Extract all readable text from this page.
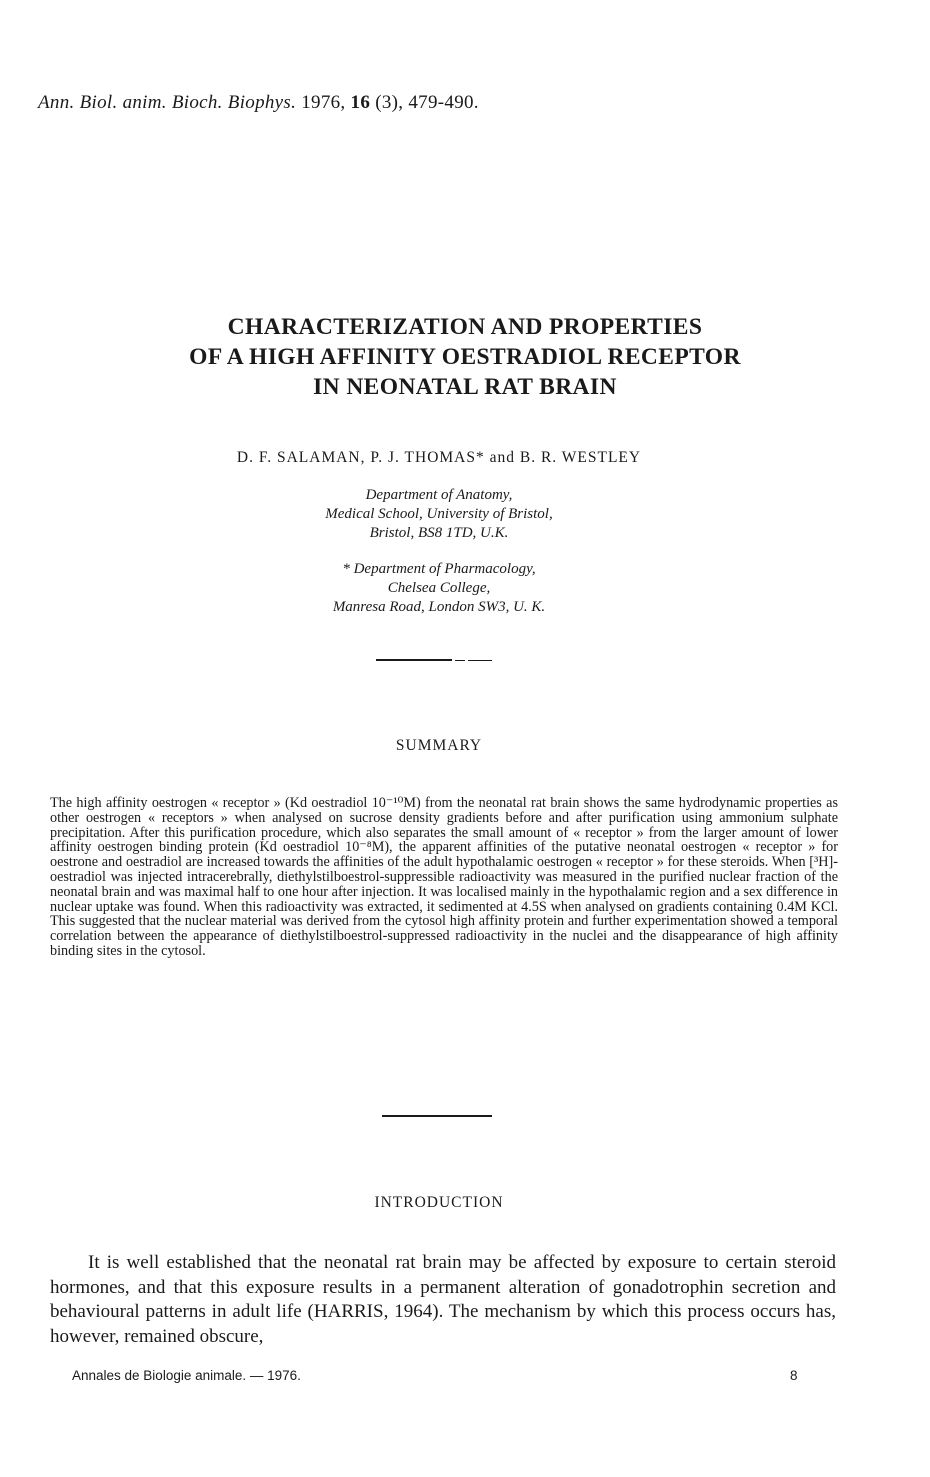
Ann. Biol. anim. Bioch. Biophys. 1976, 16 (3), 479-490.
CHARACTERIZATION AND PROPERTIES
OF A HIGH AFFINITY OESTRADIOL RECEPTOR
IN NEONATAL RAT BRAIN
D. F. SALAMAN, P. J. THOMAS* and B. R. WESTLEY
Department of Anatomy,
Medical School, University of Bristol,
Bristol, BS8 1TD, U.K.
* Department of Pharmacology,
Chelsea College,
Manresa Road, London SW3, U. K.
SUMMARY
The high affinity oestrogen « receptor » (Kd oestradiol 10⁻¹⁰M) from the neonatal rat brain shows the same hydrodynamic properties as other oestrogen « receptors » when analysed on sucrose density gradients before and after purification using ammonium sulphate precipitation. After this purification procedure, which also separates the small amount of « receptor » from the larger amount of lower affinity oestrogen binding protein (Kd oestradiol 10⁻⁸M), the apparent affinities of the putative neonatal oestrogen « receptor » for oestrone and oestradiol are increased towards the affinities of the adult hypothalamic oestrogen « receptor » for these steroids. When [³H]-oestradiol was injected intracerebrally, diethylstilboestrol-suppressible radioactivity was measured in the purified nuclear fraction of the neonatal brain and was maximal half to one hour after injection. It was localised mainly in the hypothalamic region and a sex difference in nuclear uptake was found. When this radioactivity was extracted, it sedimented at 4.5S when analysed on gradients containing 0.4M KCl. This suggested that the nuclear material was derived from the cytosol high affinity protein and further experimentation showed a temporal correlation between the appearance of diethylstilboestrol-suppressed radioactivity in the nuclei and the disappearance of high affinity binding sites in the cytosol.
INTRODUCTION
It is well established that the neonatal rat brain may be affected by exposure to certain steroid hormones, and that this exposure results in a permanent alteration of gonadotrophin secretion and behavioural patterns in adult life (HARRIS, 1964). The mechanism by which this process occurs has, however, remained obscure,
Annales de Biologie animale. — 1976.	8
